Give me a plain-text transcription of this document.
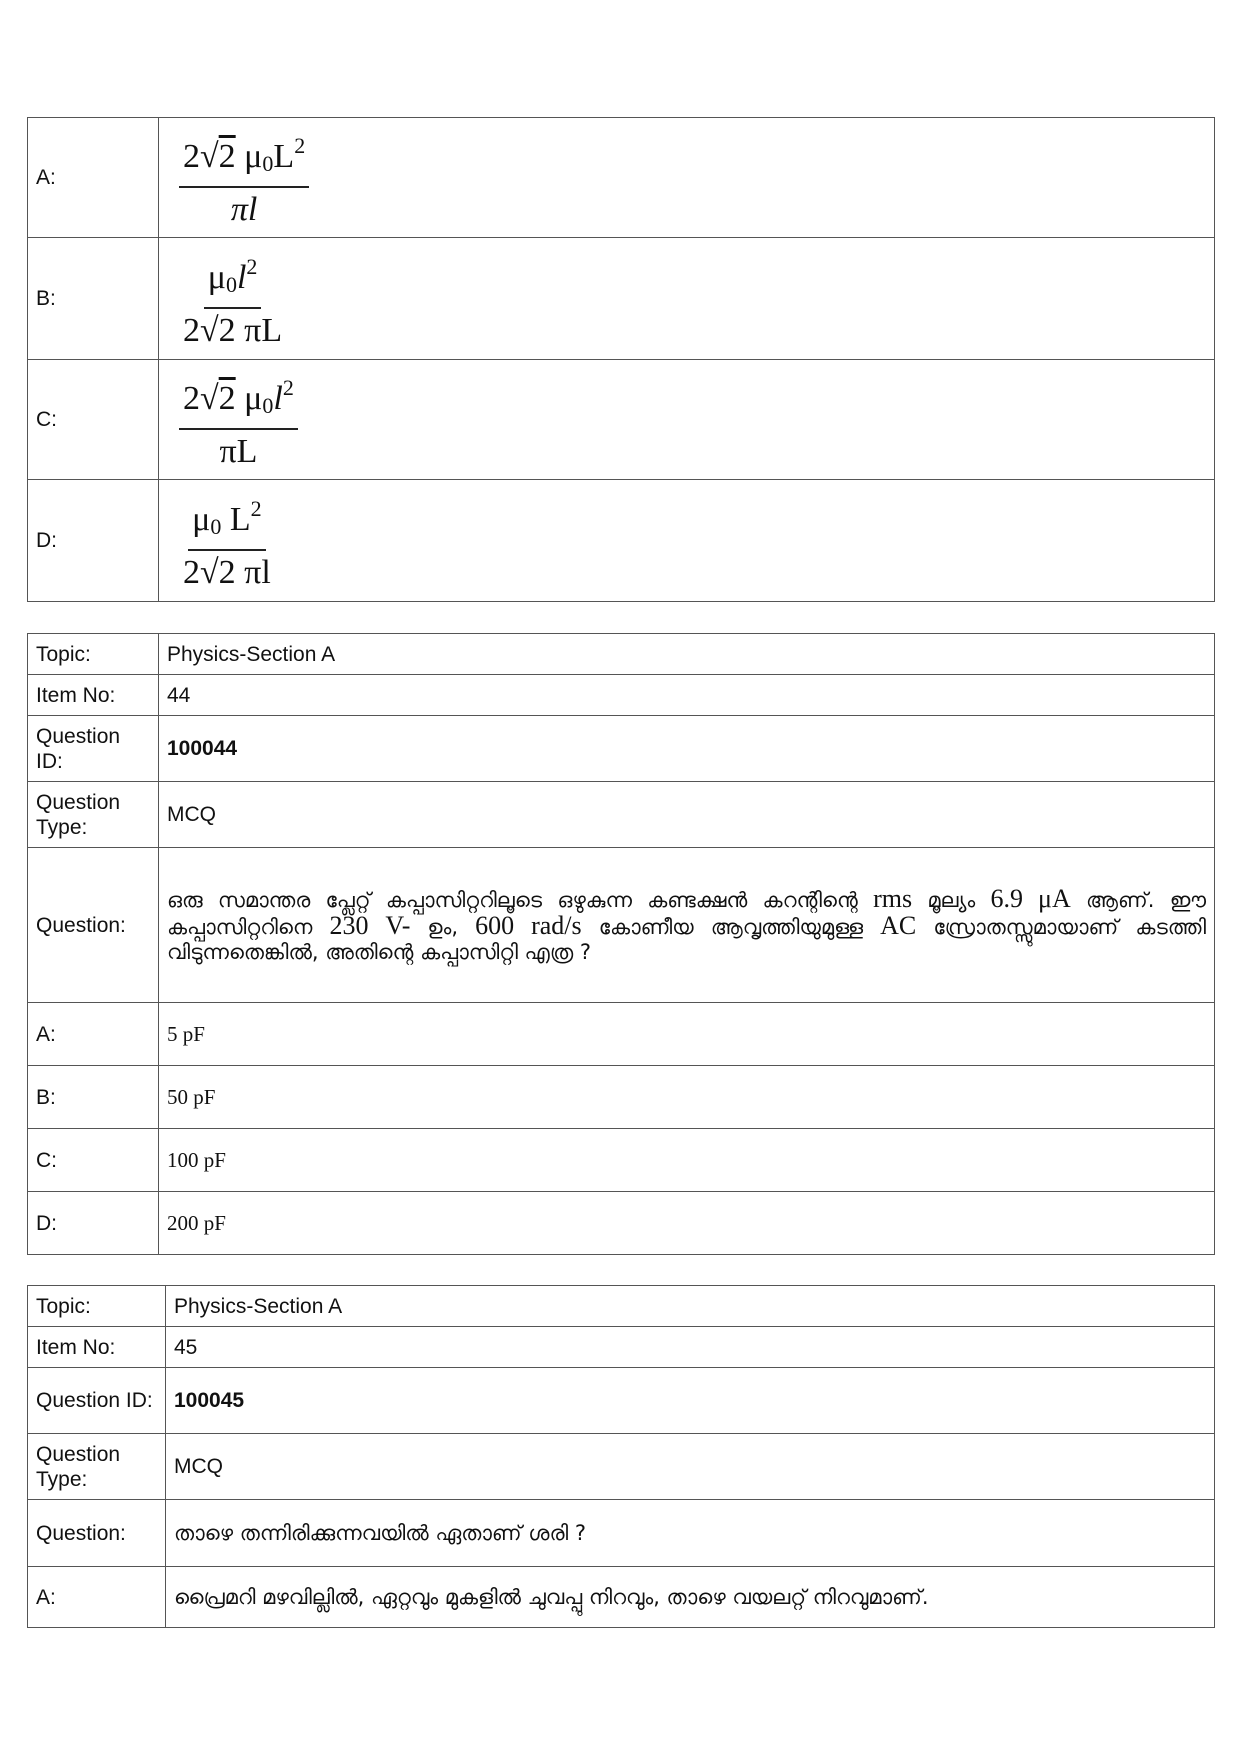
A:	$\frac{2√2 \mu_0L^2}{\pi l}$

B:	$\frac{\mu_0l^2}{2√2 \pi L}$

C:	$\frac{2√2 \mu_0l^2}{\pi L}$

D:	$\frac{\mu_0 L^2}{2√2 \pi l}$
Topic:	Physics-Section A
Item No:	44
Question ID:	100044
Question Type:	MCQ
Question:	ഒരു സമാന്തര പ്ലേറ്റ് കപ്പാസിറ്ററിലൂടെ ഒഴുകുന്ന കണ്ടക്ഷൻ കറന്റിന്റെ rms മൂല്യം 6.9 μA ആണ്. ഈ കപ്പാസിറ്ററിനെ 230 V- ഉം, 600 rad/s കോണീയ ആവൃത്തിയുമുള്ള AC സ്രോതസ്സുമായാണ് കടത്തി വിടുന്നതെങ്കിൽ, അതിന്റെ കപ്പാസിറ്റി എത്ര ?
A:	5 pF
B:	50 pF
C:	100 pF
D:	200 pF
Topic:	Physics-Section A
Item No:	45
Question ID:	100045
Question Type:	MCQ
Question:	താഴെ തന്നിരിക്കുന്നവയിൽ ഏതാണ് ശരി ?
A:	പ്രൈമറി മഴവില്ലിൽ, ഏറ്റവും മുകളിൽ ചുവപ്പു നിറവും, താഴെ വയലറ്റ് നിറവുമാണ്.
